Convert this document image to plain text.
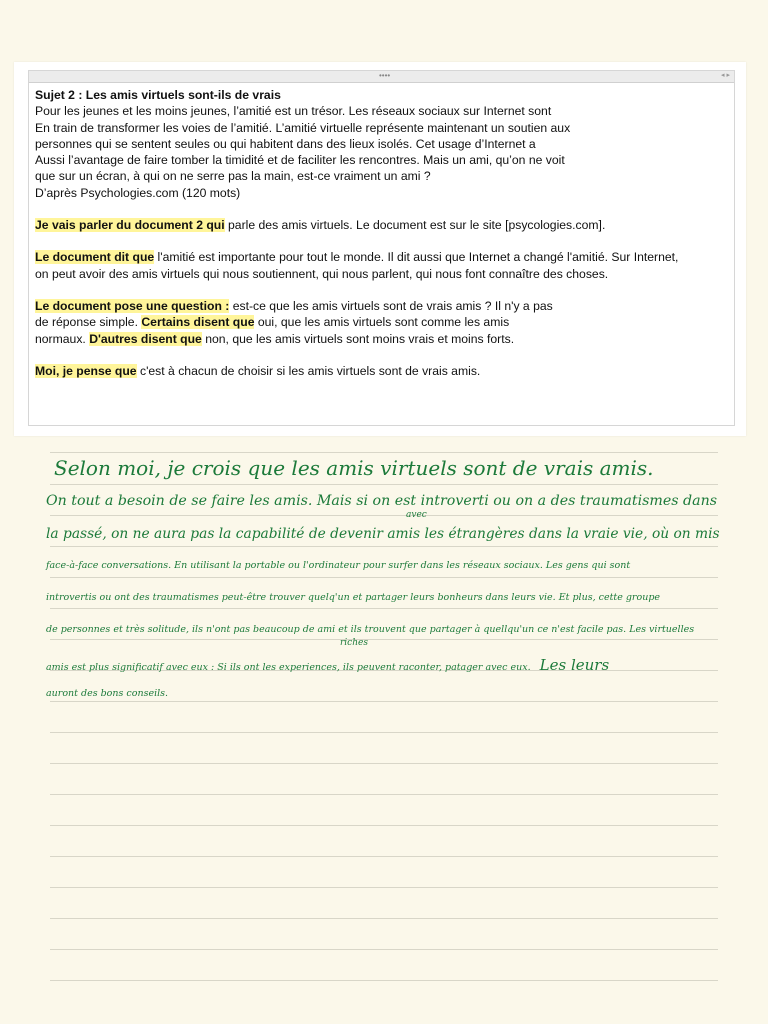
••••	◂ ▸

Sujet 2 : Les amis virtuels sont-ils de vrais

Pour les jeunes et les moins jeunes, l’amitié est un trésor. Les réseaux sociaux sur Internet sont

En train de transformer les voies de l’amitié. L’amitié virtuelle représente maintenant un soutien aux

personnes qui se sentent seules ou qui habitent dans des lieux isolés. Cet usage d’Internet a

Aussi l’avantage de faire tomber la timidité et de faciliter les rencontres. Mais un ami, qu’on ne voit

que sur un écran, à qui on ne serre pas la main, est-ce vraiment un ami ?

D’après Psychologies.com (120 mots)

Je vais parler du document 2 qui parle des amis virtuels. Le document est sur le site [psycologies.com].

Le document dit que l'amitié est importante pour tout le monde. Il dit aussi que Internet a changé l'amitié. Sur Internet,

on peut avoir des amis virtuels qui nous soutiennent, qui nous parlent, qui nous font connaître des choses.

Le document pose une question : est-ce que les amis virtuels sont de vrais amis ? Il n'y a pas

de réponse simple. Certains disent que oui, que les amis virtuels sont comme les amis

normaux. D'autres disent que non, que les amis virtuels sont moins vrais et moins forts.

Moi, je pense que c'est à chacun de choisir si les amis virtuels sont de vrais amis.

Selon moi, je crois que les amis virtuels sont de vrais amis.
On tout a besoin de se faire les amis. Mais si on est introverti ou on a des traumatismes dans
avec
la passé, on ne aura pas la capabilité de devenir amis les étrangères dans la vraie vie, où on mis
face-à-face conversations. En utilisant la portable ou l'ordinateur pour surfer dans les réseaux sociaux. Les gens qui sont
introvertis ou ont des traumatismes peut-être trouver quelq'un et partager leurs bonheurs dans leurs vie. Et plus, cette groupe
de personnes et très solitude, ils n'ont pas beaucoup de ami et ils trouvent que partager à quellqu'un ce n'est facile pas. Les virtuelles
riches
amis est plus significatif avec eux : Si ils ont les experiences, ils peuvent raconter, patager avec eux. Les leurs
auront des bons conseils.
